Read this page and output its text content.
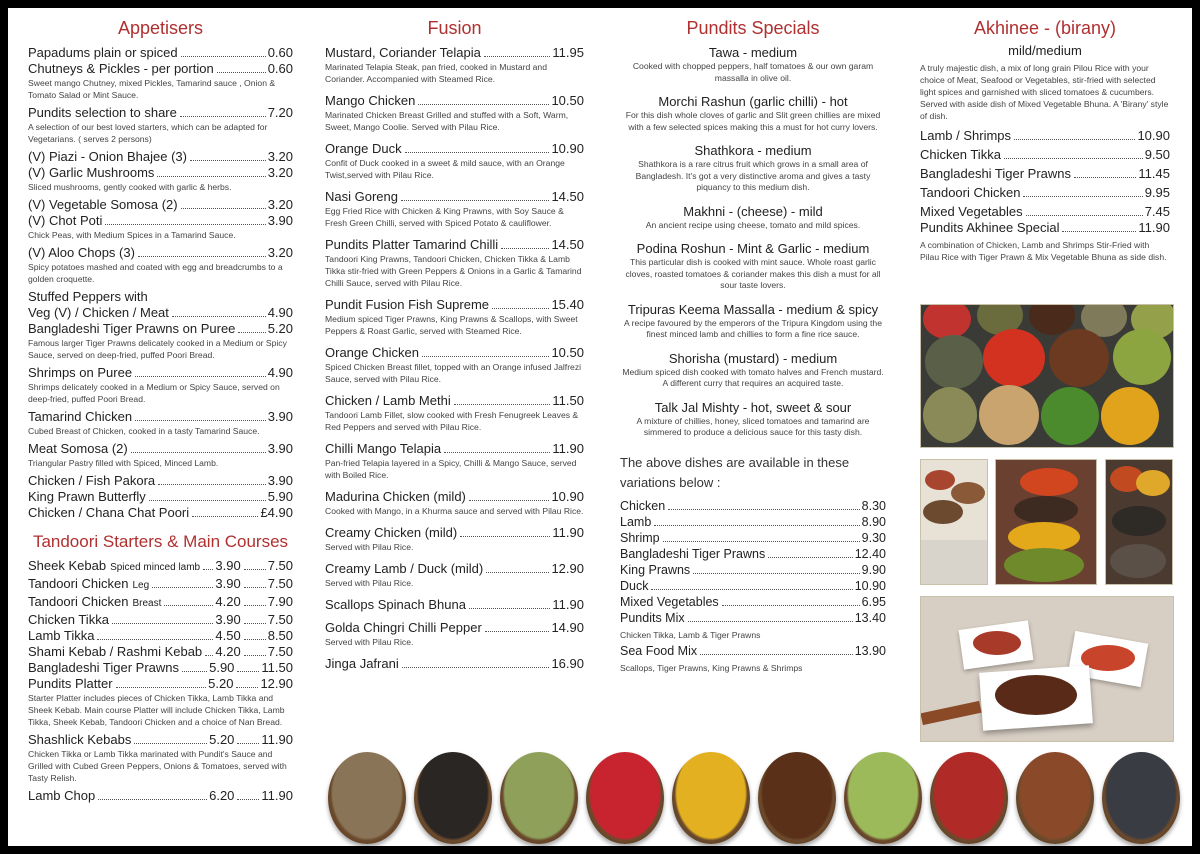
Appetisers
Papadums plain or spiced	0.60
Chutneys & Pickles - per portion	0.60
Sweet mango Chutney, mixed Pickles, Tamarind sauce , Onion & Tomato Salad or Mint Sauce.
Pundits selection to share	7.20
A selection of our best loved starters, which can be adapted for Vegetarians. ( serves 2 persons)
(V) Piazi - Onion Bhajee (3)	3.20
(V) Garlic Mushrooms	3.20
Sliced mushrooms, gently cooked with garlic & herbs.
(V) Vegetable Somosa (2)	3.20
(V) Chot Poti	3.90
Chick Peas, with Medium Spices in a Tamarind Sauce.
(V) Aloo Chops (3)	3.20
Spicy potatoes mashed and coated with egg and breadcrumbs to a golden croquette.
Stuffed Peppers with
Veg (V) / Chicken / Meat	4.90
Bangladeshi Tiger Prawns on Puree 5.20
Famous larger Tiger Prawns delicately cooked in a Medium or Spicy Sauce, served on deep-fried, puffed Poori Bread.
Shrimps on Puree	4.90
Shrimps delicately cooked in a Medium or Spicy Sauce, served on deep-fried, puffed Poori Bread.
Tamarind Chicken	3.90
Cubed Breast of Chicken, cooked in a tasty Tamarind Sauce.
Meat Somosa (2)	3.90
Triangular Pastry filled with Spiced, Minced Lamb.
Chicken / Fish Pakora	3.90
King Prawn Butterfly	5.90
Chicken / Chana Chat Poori	£4.90
Tandoori Starters & Main Courses
Sheek Kebab Spiced minced lamb 3.90 7.50
Tandoori Chicken Leg	3.90 7.50
Tandoori Chicken Breast	4.20 7.90
Chicken Tikka	3.90 7.50
Lamb Tikka	4.50 8.50
Shami Kebab / Rashmi Kebab 4.20 7.50
Bangladeshi Tiger Prawns 5.90 11.50
Pundits Platter	5.20 12.90
Starter Platter includes pieces of Chicken Tikka, Lamb Tikka and Sheek Kebab. Main course Platter will include Chicken Tikka, Lamb Tikka, Sheek Kebab, Tandoori Chicken and a choice of Nan Bread.
Shashlick Kebabs	5.20 11.90
Chicken Tikka or Lamb Tikka marinated with Pundit's Sauce and Grilled with Cubed Green Peppers, Onions & Tomatoes, served with Tasty Relish.
Lamb Chop	6.20 11.90
Fusion
Mustard, Coriander Telapia	11.95
Marinated Telapia Steak, pan fried, cooked in Mustard and Coriander. Accompanied with Steamed Rice.
Mango Chicken	10.50
Marinated Chicken Breast Grilled and stuffed with a Soft, Warm, Sweet, Mango Coolie. Served with Pilau Rice.
Orange Duck	10.90
Confit of Duck cooked in a sweet & mild sauce, with an Orange Twist,served with Pilau Rice.
Nasi Goreng	14.50
Egg Fried Rice with Chicken & King Prawns, with Soy Sauce & Fresh Green Chilli, served with Spiced Potato & cauliflower.
Pundits Platter Tamarind Chilli	14.50
Tandoori King Prawns, Tandoori Chicken, Chicken Tikka & Lamb Tikka stir-fried with Green Peppers & Onions in a Garlic & Tamarind Chilli Sauce, served with Pilau Rice.
Pundit Fusion Fish Supreme	15.40
Medium spiced Tiger Prawns, King Prawns & Scallops, with Sweet Peppers & Roast Garlic, served with Steamed Rice.
Orange Chicken	10.50
Spiced Chicken Breast fillet, topped with an Orange infused Jalfrezi Sauce, served with Pilau Rice.
Chicken / Lamb Methi	11.50
Tandoori Lamb Fillet, slow cooked with Fresh Fenugreek Leaves & Red Peppers and served with Pilau Rice.
Chilli Mango Telapia	11.90
Pan-fried Telapia layered in a Spicy, Chilli & Mango Sauce, served with Boiled Rice.
Madurina Chicken (mild)	10.90
Cooked with Mango, in a Khurma sauce and served with Pilau Rice.
Creamy Chicken (mild)	11.90
Served with Pilau Rice.
Creamy Lamb / Duck (mild)	12.90
Served with Pilau Rice.
Scallops Spinach Bhuna	11.90
Golda Chingri Chilli Pepper	14.90
Served with Pilau Rice.
Jinga Jafrani	16.90
Pundits Specials
Tawa - medium
Cooked with chopped peppers, half tomatoes & our own garam massalla in olive oil.
Morchi Rashun (garlic chilli) - hot
For this dish whole cloves of garlic and Slit green chillies are mixed with a few selected spices making this a must for hot curry lovers.
Shathkora - medium
Shathkora is a rare citrus fruit which grows in a small area of Bangladesh. It's got a very distinctive aroma and gives a tasty piquancy to this medium dish.
Makhni - (cheese) - mild
An ancient recipe using cheese, tomato and mild spices.
Podina Roshun - Mint & Garlic - medium
This particular dish is cooked with mint sauce. Whole roast garlic cloves, roasted tomatoes & coriander makes this dish a must for all sour taste lovers.
Tripuras Keema Massalla - medium & spicy
A recipe favoured by the emperors of the Tripura Kingdom using the finest minced lamb and chillies to form a fine rice sauce.
Shorisha (mustard) - medium
Medium spiced dish cooked with tomato halves and French mustard. A different curry that requires an acquired taste.
Talk Jal Mishty - hot, sweet & sour
A mixture of chillies, honey, sliced tomatoes and tamarind are simmered to produce a delicious sauce for this tasty dish.
The above dishes are available in these variations below :
Chicken	8.30
Lamb	8.90
Shrimp	9.30
Bangladeshi Tiger Prawns	12.40
King Prawns	9.90
Duck	10.90
Mixed Vegetables	6.95
Pundits Mix	13.40
Chicken Tikka, Lamb & Tiger Prawns
Sea Food Mix	13.90
Scallops, Tiger Prawns, King Prawns & Shrimps
Akhinee - (birany)
mild/medium
A truly majestic dish, a mix of long grain Pilou Rice with your choice of Meat, Seafood or Vegetables, stir-fried with selected light spices and garnished with sliced tomatoes & cucumbers. Served with aside dish of Mixed Vegetable Bhuna. A 'Birany' style of dish.
Lamb / Shrimps	10.90
Chicken Tikka	9.50
Bangladeshi Tiger Prawns	11.45
Tandoori Chicken	9.95
Mixed Vegetables	7.45
Pundits Akhinee Special	11.90
A combination of Chicken, Lamb and Shrimps Stir-Fried with Pilau Rice with Tiger Prawn & Mix Vegetable Bhuna as side dish.
